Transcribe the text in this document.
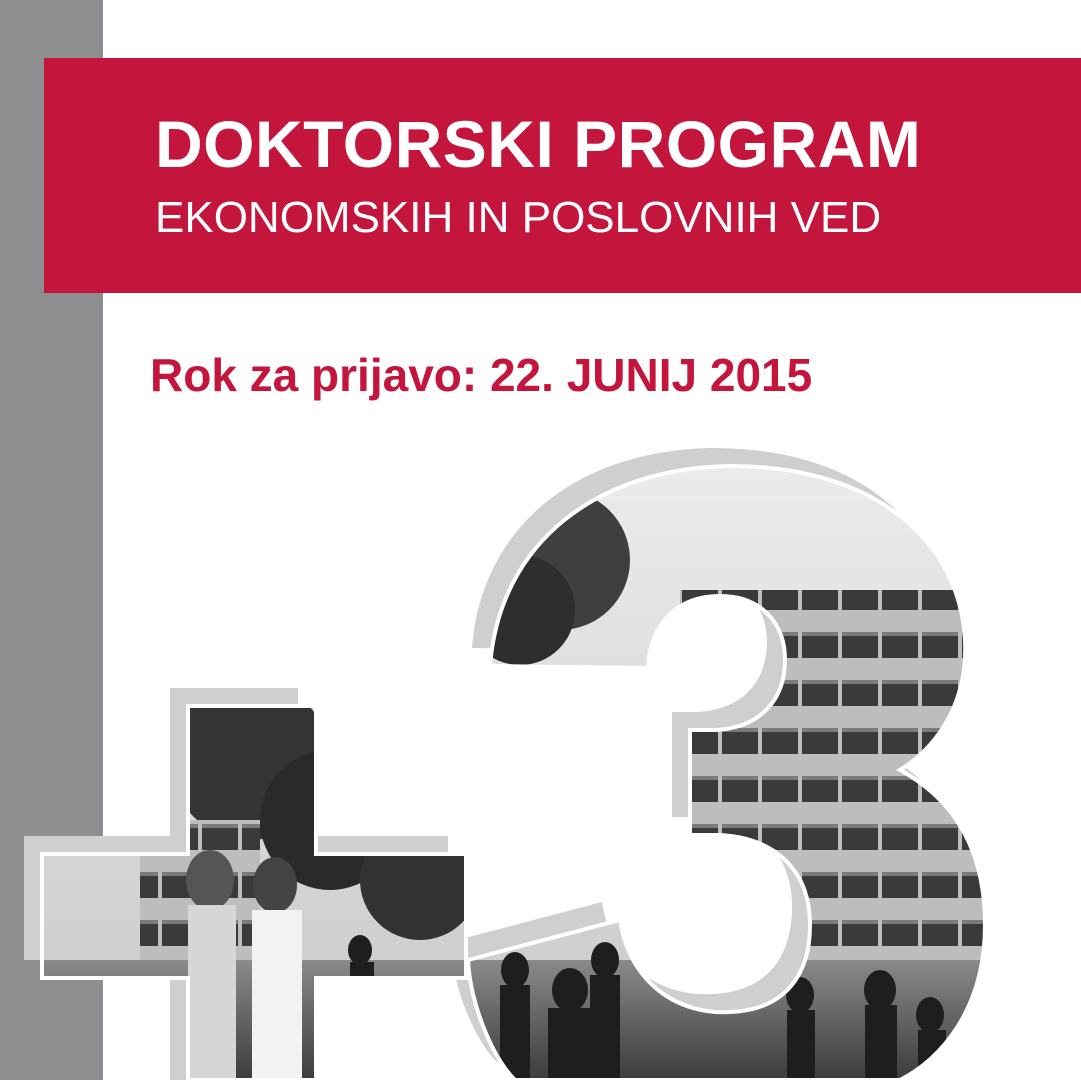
DOKTORSKI PROGRAM
EKONOMSKIH IN POSLOVNIH VED
Rok za prijavo: 22. JUNIJ 2015
